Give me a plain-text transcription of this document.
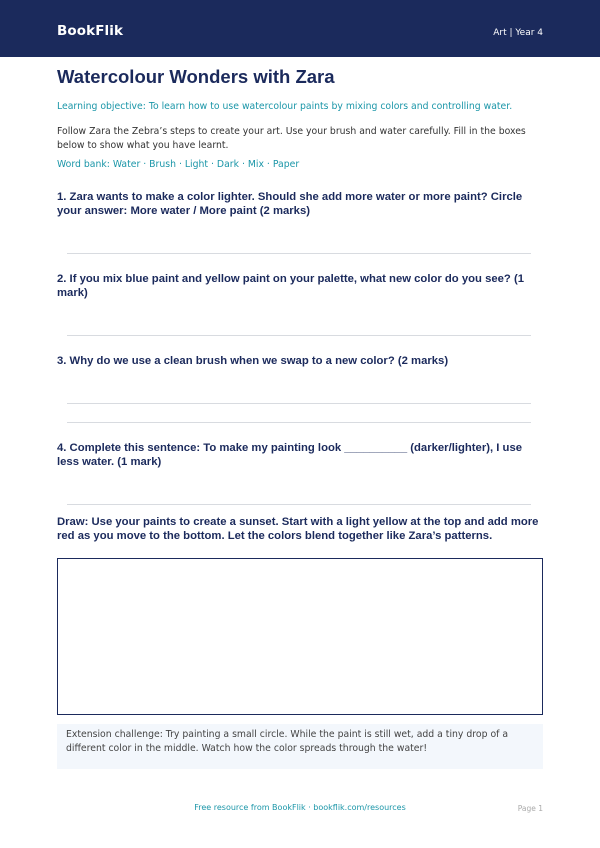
BookFlik	Art | Year 4
Watercolour Wonders with Zara
Learning objective: To learn how to use watercolour paints by mixing colors and controlling water.
Follow Zara the Zebra’s steps to create your art. Use your brush and water carefully. Fill in the boxes below to show what you have learnt.
Word bank: Water · Brush · Light · Dark · Mix · Paper
1. Zara wants to make a color lighter. Should she add more water or more paint? Circle your answer: More water / More paint (2 marks)
2. If you mix blue paint and yellow paint on your palette, what new color do you see? (1 mark)
3. Why do we use a clean brush when we swap to a new color? (2 marks)
4. Complete this sentence: To make my painting look __________ (darker/lighter), I use less water. (1 mark)
Draw: Use your paints to create a sunset. Start with a light yellow at the top and add more red as you move to the bottom. Let the colors blend together like Zara’s patterns.
Extension challenge: Try painting a small circle. While the paint is still wet, add a tiny drop of a different color in the middle. Watch how the color spreads through the water!
Free resource from BookFlik · bookflik.com/resources	Page 1
